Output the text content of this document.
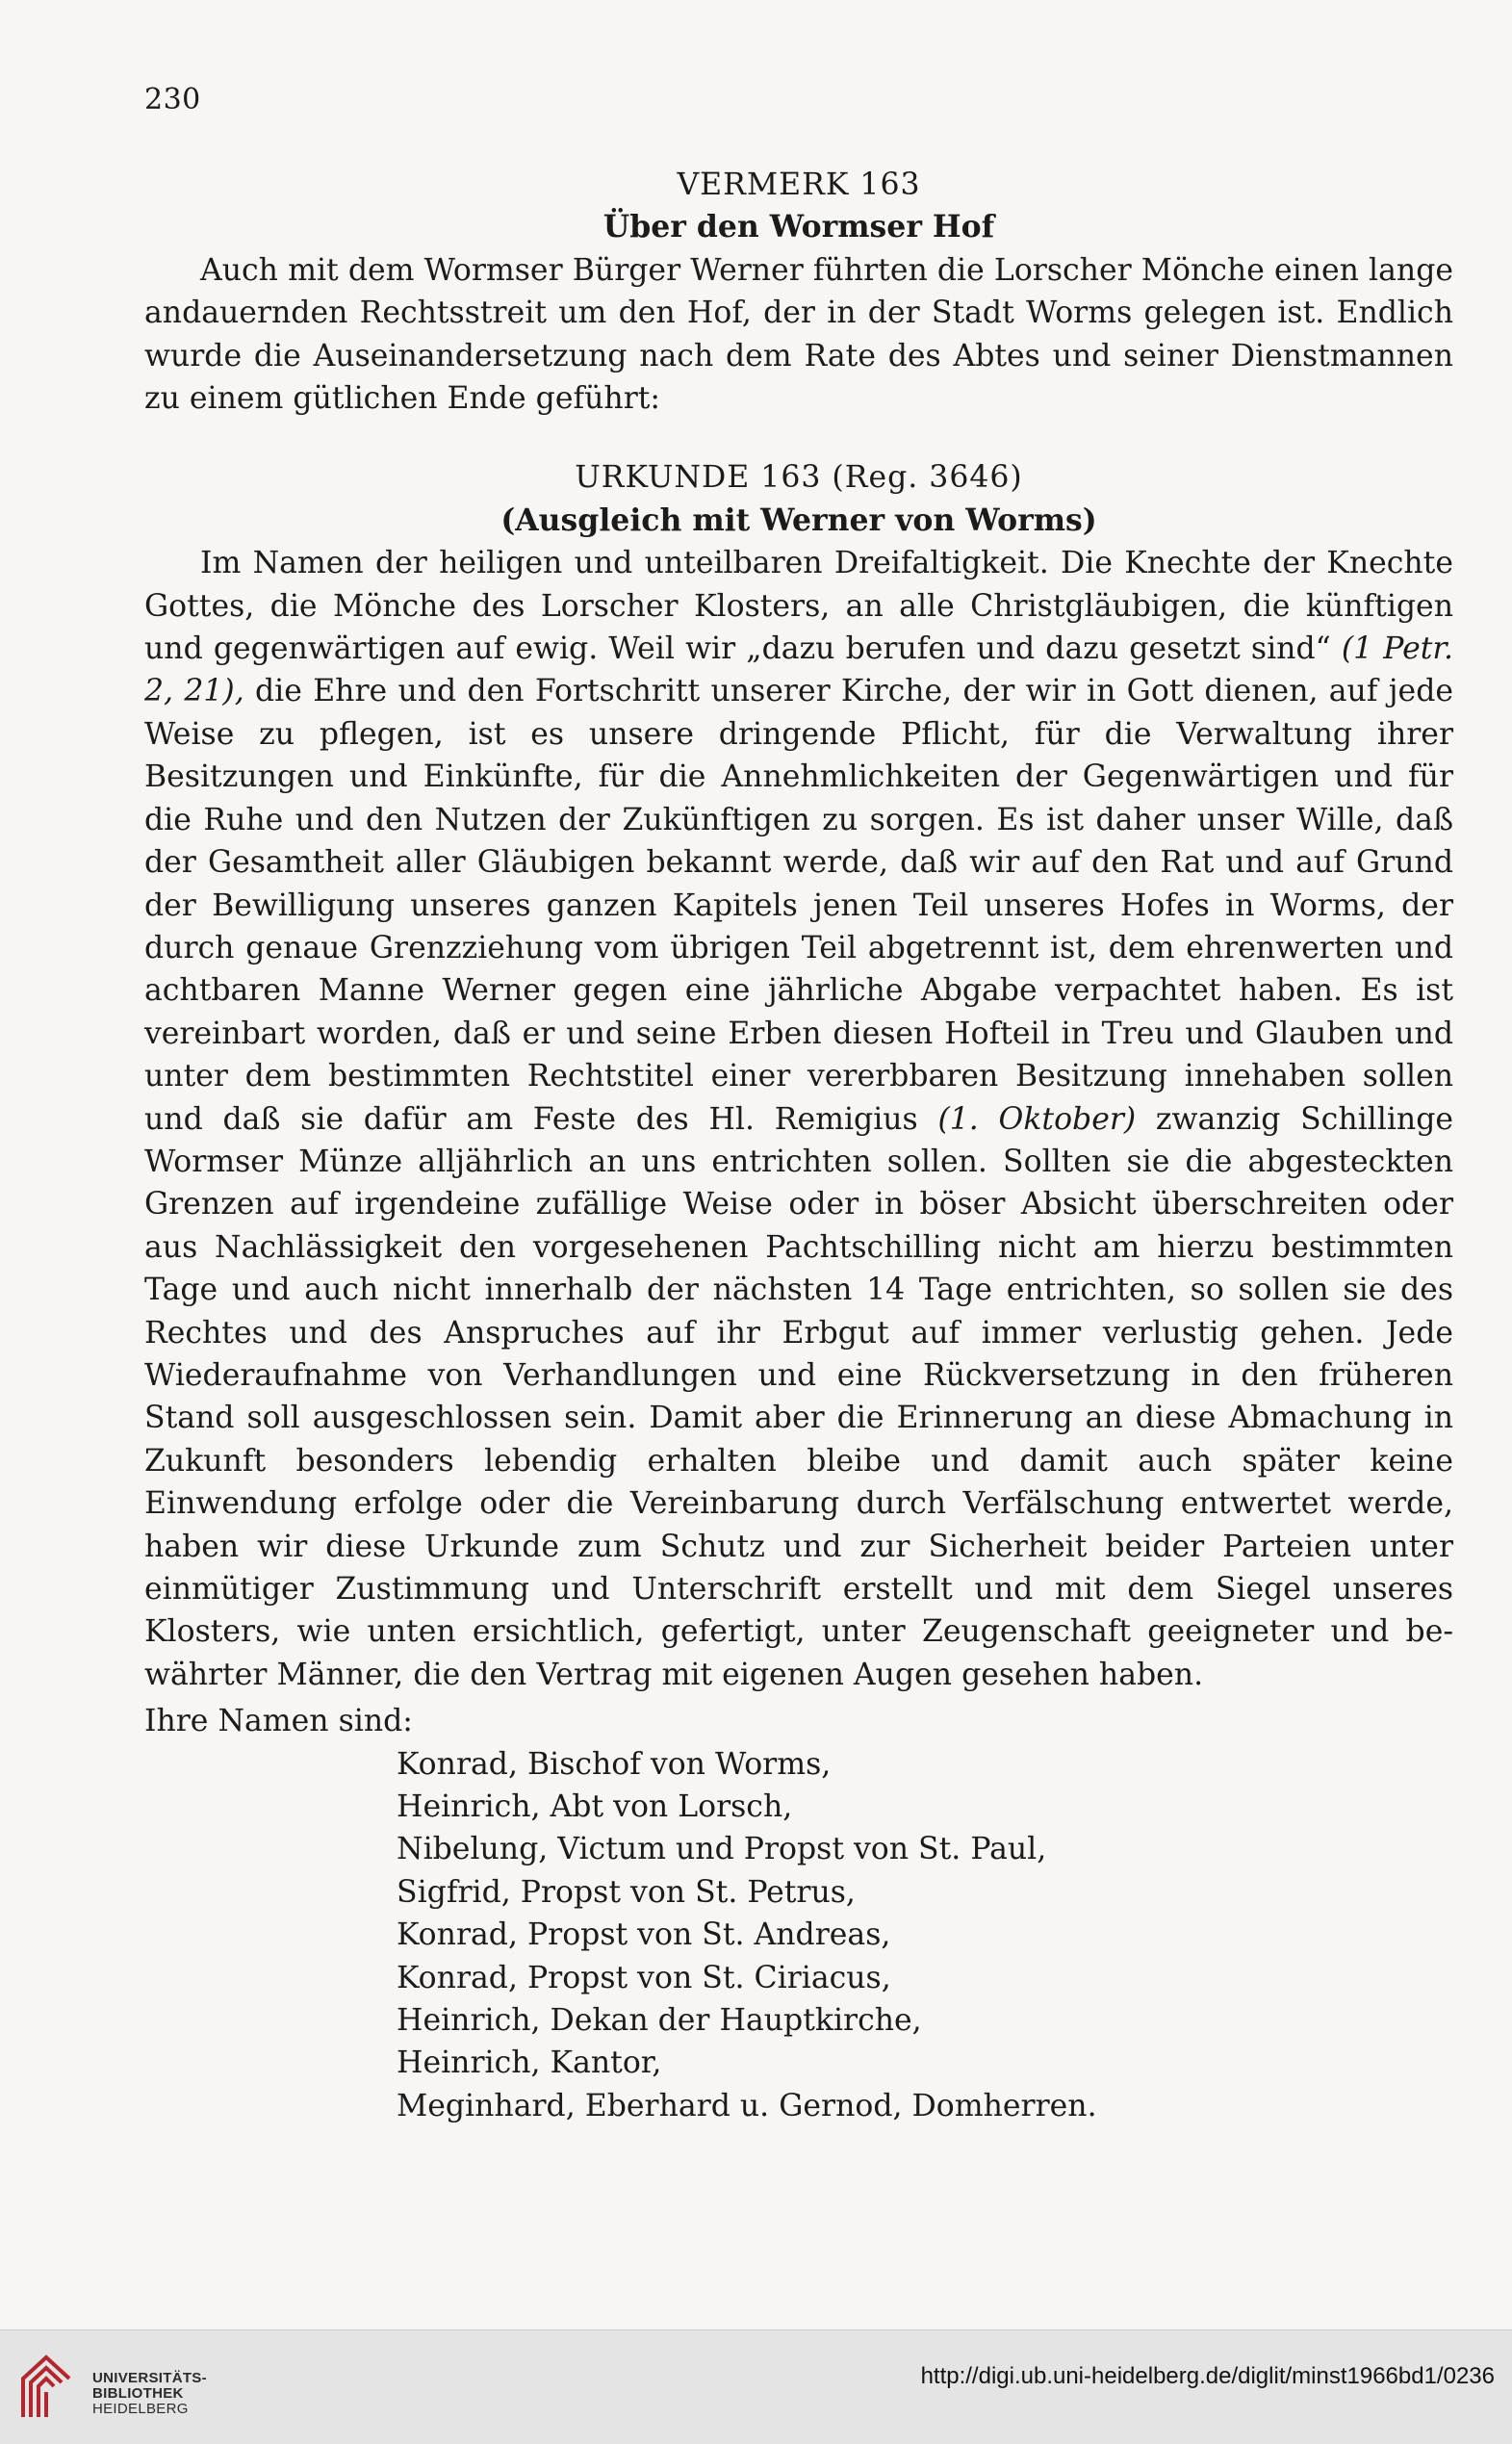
230
VERMERK 163
Über den Wormser Hof

Auch mit dem Wormser Bürger Werner führten die Lorscher Mönche einen lange andauernden Rechtsstreit um den Hof, der in der Stadt Worms gelegen ist. Endlich wurde die Auseinandersetzung nach dem Rate des Abtes und seiner Dienstmannen zu einem gütlichen Ende geführt:

URKUNDE 163 (Reg. 3646)
(Ausgleich mit Werner von Worms)

Im Namen der heiligen und unteilbaren Dreifaltigkeit. Die Knechte der Knechte Gottes, die Mönche des Lorscher Klosters, an alle Christgläubigen, die künftigen und gegenwärtigen auf ewig. Weil wir „dazu berufen und dazu gesetzt sind“ (1 Petr. 2, 21), die Ehre und den Fortschritt unserer Kirche, der wir in Gott dienen, auf jede Weise zu pflegen, ist es unsere dringende Pflicht, für die Verwaltung ihrer Besitzungen und Einkünfte, für die Annehmlichkeiten der Gegenwärtigen und für die Ruhe und den Nutzen der Zukünftigen zu sorgen. Es ist daher unser Wille, daß der Gesamtheit aller Gläubigen bekannt werde, daß wir auf den Rat und auf Grund der Bewilligung unseres ganzen Kapitels jenen Teil unseres Hofes in Worms, der durch genaue Grenzziehung vom übrigen Teil abgetrennt ist, dem ehrenwerten und achtbaren Manne Werner gegen eine jährliche Abgabe verpachtet haben. Es ist vereinbart worden, daß er und seine Erben diesen Hofteil in Treu und Glauben und unter dem bestimmten Rechtstitel einer vererbbaren Besitzung innehaben sollen und daß sie dafür am Feste des Hl. Remigius (1. Oktober) zwanzig Schillinge Wormser Münze alljährlich an uns entrichten sollen. Sollten sie die abgesteckten Grenzen auf irgendeine zufällige Weise oder in böser Absicht überschreiten oder aus Nachlässigkeit den vorgesehenen Pachtschilling nicht am hierzu bestimmten Tage und auch nicht innerhalb der nächsten 14 Tage entrichten, so sollen sie des Rechtes und des Anspruches auf ihr Erbgut auf immer verlustig gehen. Jede Wiederaufnahme von Verhandlungen und eine Rückversetzung in den früheren Stand soll ausgeschlossen sein. Damit aber die Erinnerung an diese Abmachung in Zukunft besonders lebendig erhalten bleibe und damit auch später keine Einwendung erfolge oder die Vereinbarung durch Verfälschung entwertet werde, haben wir diese Urkunde zum Schutz und zur Sicherheit beider Parteien unter einmütiger Zustimmung und Unterschrift erstellt und mit dem Siegel unseres Klosters, wie unten ersichtlich, gefertigt, unter Zeugenschaft geeigneter und bewährter Männer, die den Vertrag mit eigenen Augen gesehen haben.

Ihre Namen sind:

Konrad, Bischof von Worms,
Heinrich, Abt von Lorsch,
Nibelung, Victum und Propst von St. Paul,
Sigfrid, Propst von St. Petrus,
Konrad, Propst von St. Andreas,
Konrad, Propst von St. Ciriacus,
Heinrich, Dekan der Hauptkirche,
Heinrich, Kantor,
Meginhard, Eberhard u. Gernod, Domherren.
UNIVERSITÄTS-
BIBLIOTHEK
HEIDELBERG
http://digi.ub.uni-heidelberg.de/diglit/minst1966bd1/0236
